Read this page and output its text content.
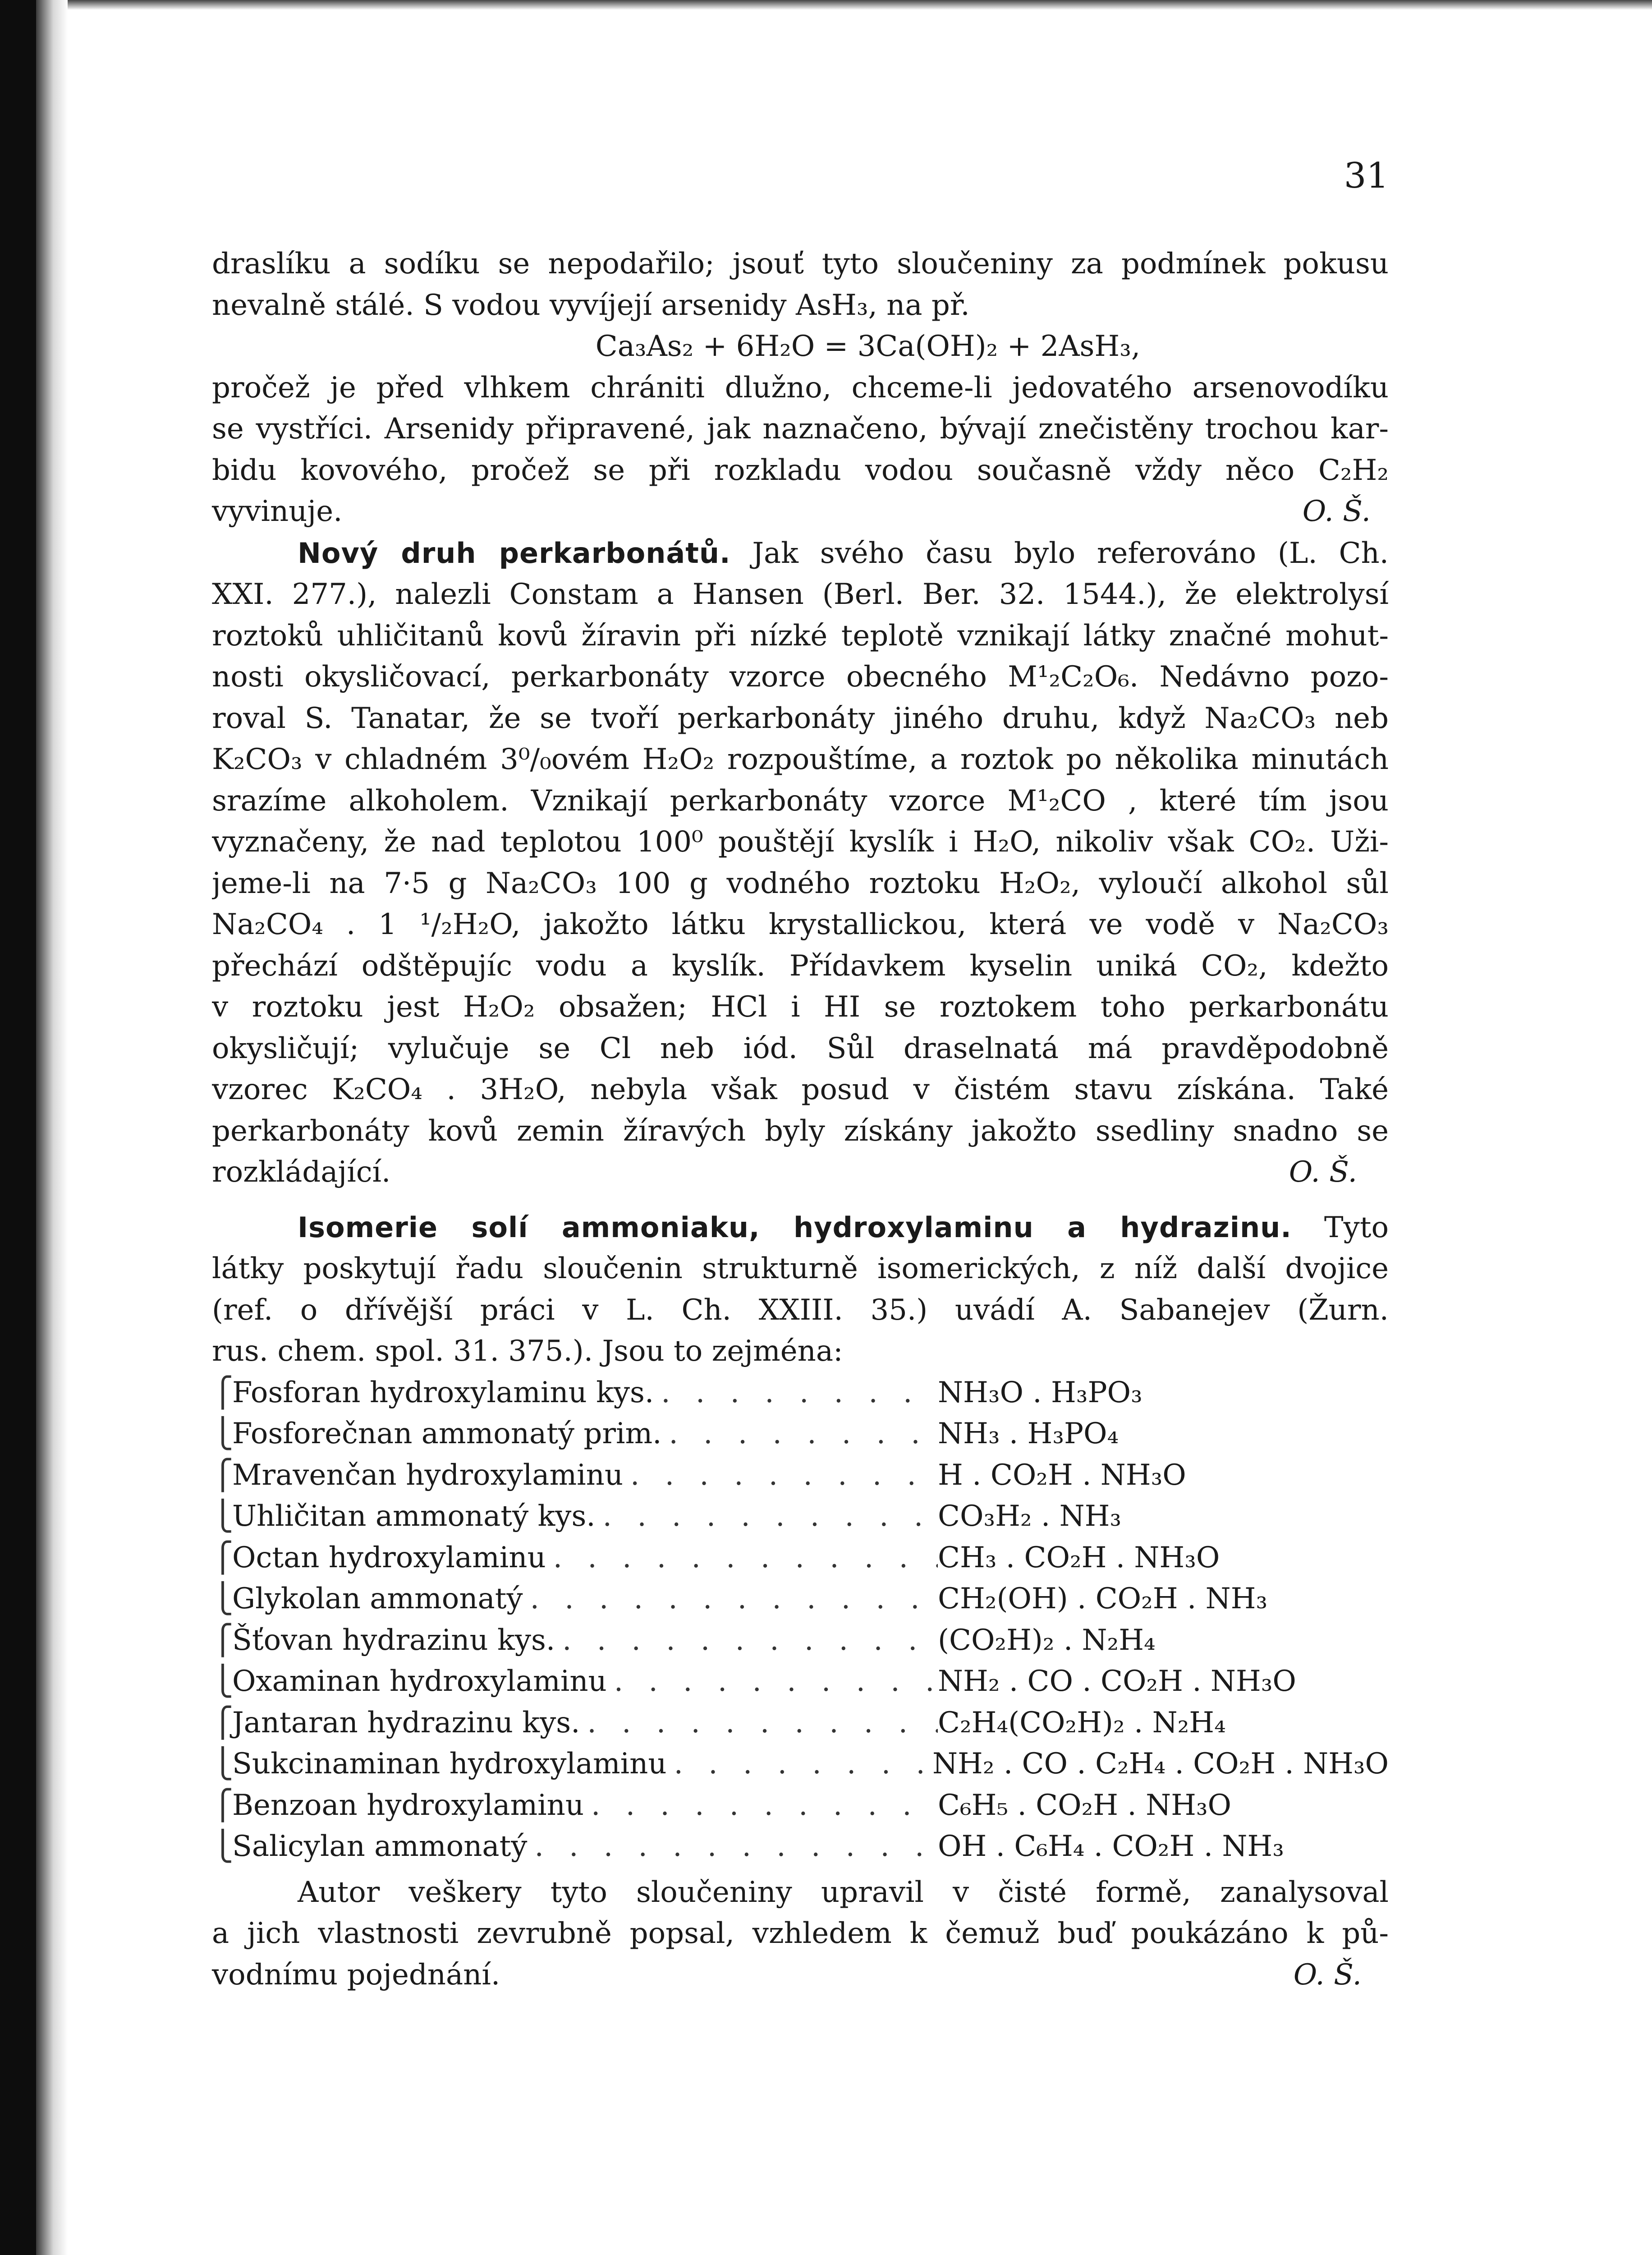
31
draslíku a sodíku se nepodařilo; jsouť tyto sloučeniny za podmínek pokusu
nevalně stálé. S vodou vyvíjejí arsenidy AsH₃, na př.
Ca₃As₂ + 6H₂O = 3Ca(OH)₂ + 2AsH₃,
pročež je před vlhkem chrániti dlužno, chceme-li jedovatého arsenovodíku
se vystříci. Arsenidy připravené, jak naznačeno, bývají znečistěny trochou kar-
bidu kovového, pročež se při rozkladu vodou současně vždy něco C₂H₂
vyvinuje.	O. Š.
Nový druh perkarbonátů. Jak svého času bylo referováno (L. Ch.
XXI. 277.), nalezli Constam a Hansen (Berl. Ber. 32. 1544.), že elektrolysí
roztoků uhličitanů kovů žíravin při nízké teplotě vznikají látky značné mohut-
nosti okysličovací, perkarbonáty vzorce obecného M¹₂C₂O₆. Nedávno pozo-
roval S. Tanatar, že se tvoří perkarbonáty jiného druhu, když Na₂CO₃ neb
K₂CO₃ v chladném 3⁰/₀ovém H₂O₂ rozpouštíme, a roztok po několika minutách
srazíme alkoholem. Vznikají perkarbonáty vzorce M¹₂CO , které tím jsou
vyznačeny, že nad teplotou 100⁰ pouštějí kyslík i H₂O, nikoliv však CO₂. Uži-
jeme-li na 7·5 g Na₂CO₃ 100 g vodného roztoku H₂O₂, vyloučí alkohol sůl
Na₂CO₄ . 1 ¹/₂H₂O, jakožto látku krystallickou, která ve vodě v Na₂CO₃
přechází odštěpujíc vodu a kyslík. Přídavkem kyselin uniká CO₂, kdežto
v roztoku jest H₂O₂ obsažen; HCl i HI se roztokem toho perkarbonátu
okysličují; vylučuje se Cl neb iód. Sůl draselnatá má pravděpodobně
vzorec K₂CO₄ . 3H₂O, nebyla však posud v čistém stavu získána. Také
perkarbonáty kovů zemin žíravých byly získány jakožto ssedliny snadno se
rozkládající.	O. Š.
Isomerie solí ammoniaku, hydroxylaminu a hydrazinu. Tyto
látky poskytují řadu sloučenin strukturně isomerických, z níž další dvojice
(ref. o dřívější práci v L. Ch. XXIII. 35.) uvádí A. Sabanejev (Žurn.
rus. chem. spol. 31. 375.). Jsou to zejména:
⎧
Fosforan hydroxylaminu kys. . . .	NH₃O . H₃PO₃
⎩
Fosforečnan ammonatý prim. . . .	NH₃ . H₃PO₄
⎧
Mravenčan hydroxylaminu . . .	H . CO₂H . NH₃O
⎩
Uhličitan ammonatý kys. . . .	CO₃H₂ . NH₃
⎧
Octan hydroxylaminu . . .	CH₃ . CO₂H . NH₃O
⎩
Glykolan ammonatý . . .	CH₂(OH) . CO₂H . NH₃
⎧
Šťovan hydrazinu kys. . . .	(CO₂H)₂ . N₂H₄
⎩
Oxaminan hydroxylaminu . . .	NH₂ . CO . CO₂H . NH₃O
⎧
Jantaran hydrazinu kys. . . .	C₂H₄(CO₂H)₂ . N₂H₄
⎩
Sukcinaminan hydroxylaminu . . .	NH₂ . CO . C₂H₄ . CO₂H . NH₃O
⎧
Benzoan hydroxylaminu . . .	C₆H₅ . CO₂H . NH₃O
⎩
Salicylan ammonatý . . .	OH . C₆H₄ . CO₂H . NH₃
Autor veškery tyto sloučeniny upravil v čisté formě, zanalysoval
a jich vlastnosti zevrubně popsal, vzhledem k čemuž buď poukázáno k pů-
vodnímu pojednání.	O. Š.
